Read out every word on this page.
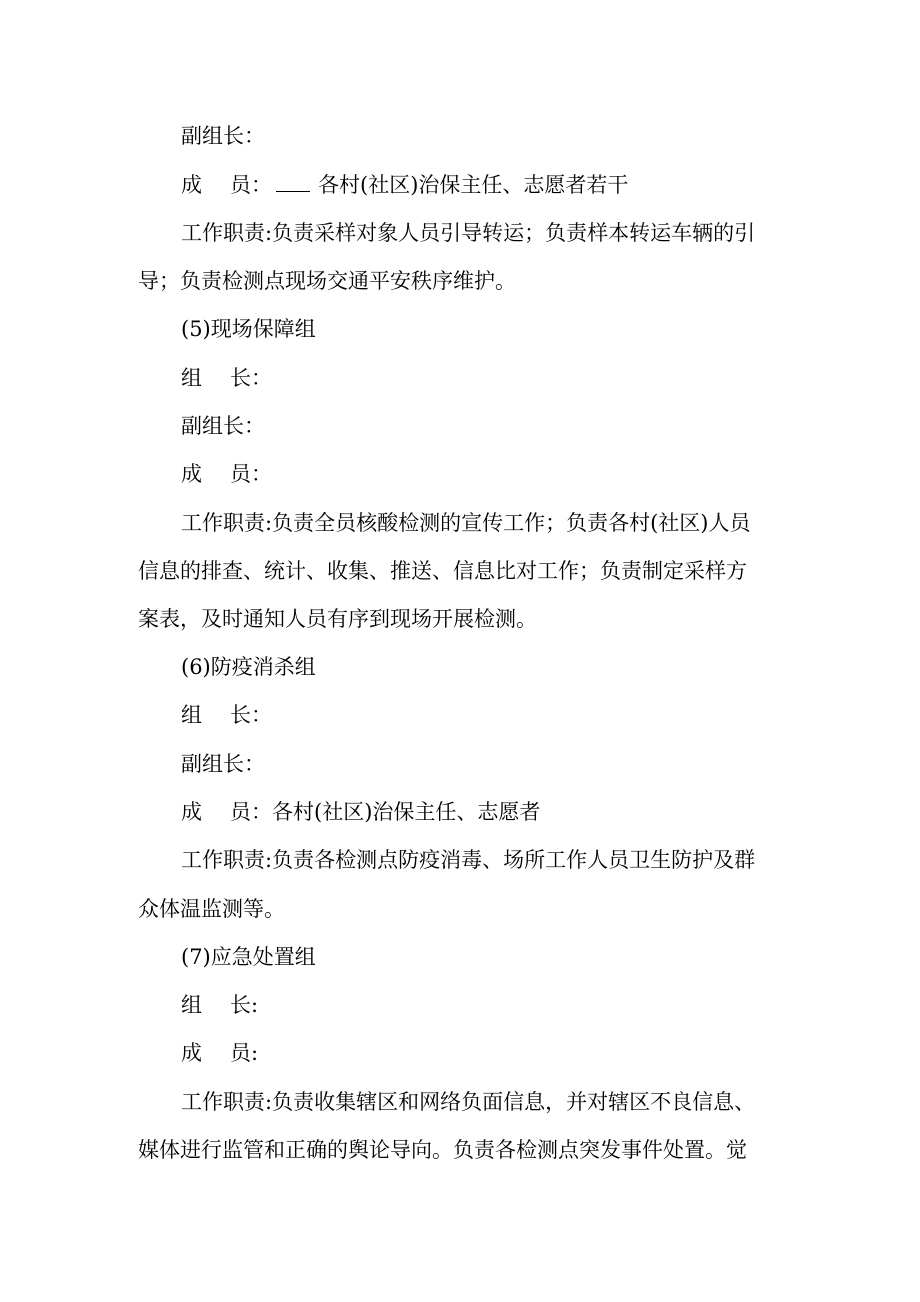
副组长：
成 员： 各村(社区)治保主任、志愿者若干
工作职责:负责采样对象人员引导转运；负责样本转运车辆的引
导；负责检测点现场交通平安秩序维护。
(5)现场保障组
组 长：
副组长：
成 员：
工作职责:负责全员核酸检测的宣传工作；负责各村(社区)人员
信息的排查、统计、收集、推送、信息比对工作；负责制定采样方
案表，及时通知人员有序到现场开展检测。
(6)防疫消杀组
组 长：
副组长：
成 员：各村(社区)治保主任、志愿者
工作职责:负责各检测点防疫消毒、场所工作人员卫生防护及群
众体温监测等。
(7)应急处置组
组 长:
成 员:
工作职责:负责收集辖区和网络负面信息，并对辖区不良信息、
媒体进行监管和正确的舆论导向。负责各检测点突发事件处置。觉
